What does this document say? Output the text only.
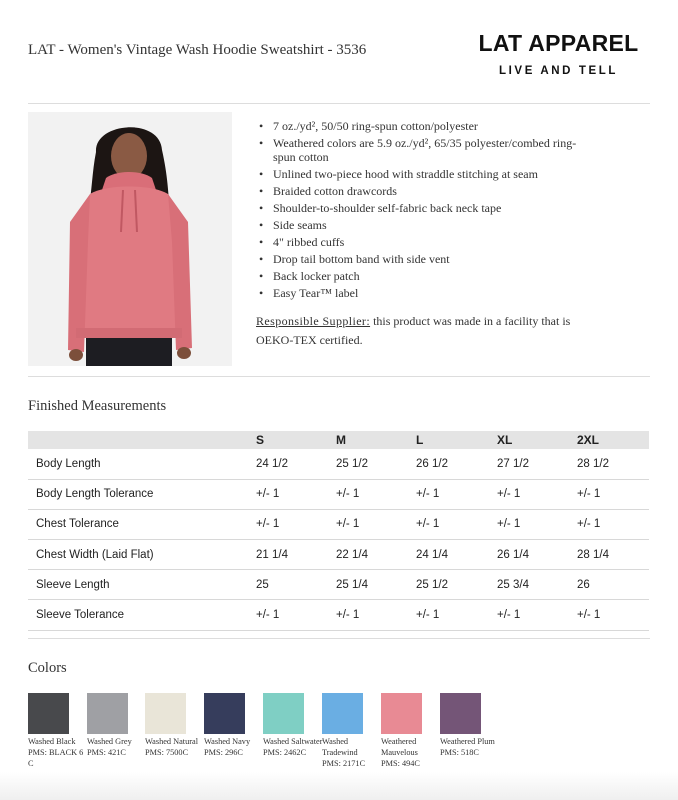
LAT - Women's Vintage Wash Hoodie Sweatshirt - 3536	LAT APPAREL
LIVE AND TELL
• 7 oz./yd², 50/50 ring-spun cotton/polyester
• Weathered colors are 5.9 oz./yd², 65/35 polyester/combed ring-spun cotton
• Unlined two-piece hood with straddle stitching at seam
• Braided cotton drawcords
• Shoulder-to-shoulder self-fabric back neck tape
• Side seams
• 4" ribbed cuffs
• Drop tail bottom band with side vent
• Back locker patch
• Easy Tear™ label
Responsible Supplier: this product was made in a facility that is OEKO-TEX certified.
Finished Measurements
	S	M	L	XL	2XL
Body Length	24 1/2	25 1/2	26 1/2	27 1/2	28 1/2
Body Length Tolerance	+/- 1	+/- 1	+/- 1	+/- 1	+/- 1
Chest Tolerance	+/- 1	+/- 1	+/- 1	+/- 1	+/- 1
Chest Width (Laid Flat)	21 1/4	22 1/4	24 1/4	26 1/4	28 1/4
Sleeve Length	25	25 1/4	25 1/2	25 3/4	26
Sleeve Tolerance	+/- 1	+/- 1	+/- 1	+/- 1	+/- 1
Colors
Washed Black
PMS: BLACK 6 C
Washed Grey
PMS: 421C
Washed Natural
PMS: 7500C
Washed Navy
PMS: 296C
Washed Saltwater
PMS: 2462C
Washed Tradewind
PMS: 2171C
Weathered Mauvelous
PMS: 494C
Weathered Plum
PMS: 518C
